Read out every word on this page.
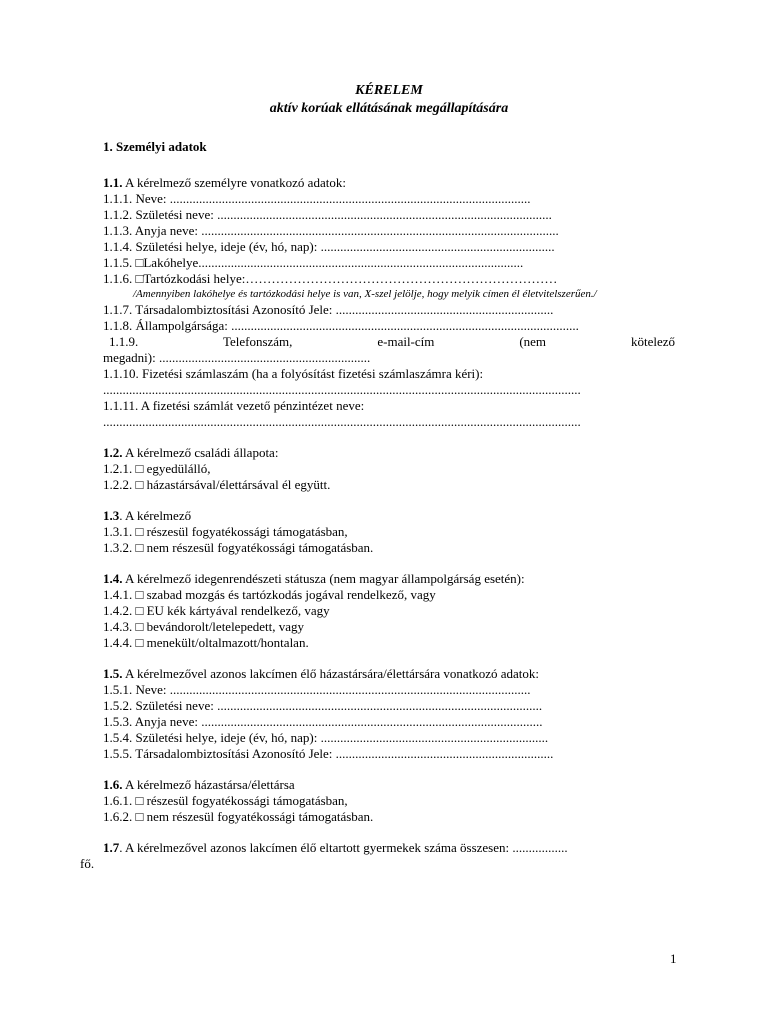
KÉRELEM
aktív korúak ellátásának megállapítására
1. Személyi adatok
1.1. A kérelmező személyre vonatkozó adatok:
1.1.1. Neve: ...............................................................................................................
1.1.2. Születési neve: .......................................................................................................
1.1.3. Anyja neve: ..............................................................................................................
1.1.4. Születési helye, ideje (év, hó, nap): ........................................................................
1.1.5. □Lakóhelye....................................................................................................
1.1.6. □Tartózkodási helye:………………………………………………………………
/Amennyiben lakóhelye és tartózkodási helye is van, X-szel jelölje, hogy melyik címen él életvitelszerűen./
1.1.7. Társadalombiztosítási Azonosító Jele: ...................................................................
1.1.8. Állampolgársága: ...........................................................................................................
1.1.9. Telefonszám, e-mail-cím (nem kötelező
megadni): .................................................................
1.1.10. Fizetési számlaszám (ha a folyósítást fizetési számlaszámra kéri):
...................................................................................................................................................
1.1.11. A fizetési számlát vezető pénzintézet neve:
...................................................................................................................................................
1.2. A kérelmező családi állapota:
1.2.1. □ egyedülálló,
1.2.2. □ házastársával/élettársával él együtt.
1.3. A kérelmező
1.3.1. □ részesül fogyatékossági támogatásban,
1.3.2. □ nem részesül fogyatékossági támogatásban.
1.4. A kérelmező idegenrendészeti státusza (nem magyar állampolgárság esetén):
1.4.1. □ szabad mozgás és tartózkodás jogával rendelkező, vagy
1.4.2. □ EU kék kártyával rendelkező, vagy
1.4.3. □ bevándorolt/letelepedett, vagy
1.4.4. □ menekült/oltalmazott/hontalan.
1.5. A kérelmezővel azonos lakcímen élő házastársára/élettársára vonatkozó adatok:
1.5.1. Neve: ...............................................................................................................
1.5.2. Születési neve: ....................................................................................................
1.5.3. Anyja neve: .........................................................................................................
1.5.4. Születési helye, ideje (év, hó, nap): ......................................................................
1.5.5. Társadalombiztosítási Azonosító Jele: ...................................................................
1.6. A kérelmező házastársa/élettársa
1.6.1. □ részesül fogyatékossági támogatásban,
1.6.2. □ nem részesül fogyatékossági támogatásban.
1.7. A kérelmezővel azonos lakcímen élő eltartott gyermekek száma összesen: .................
fő.
1
